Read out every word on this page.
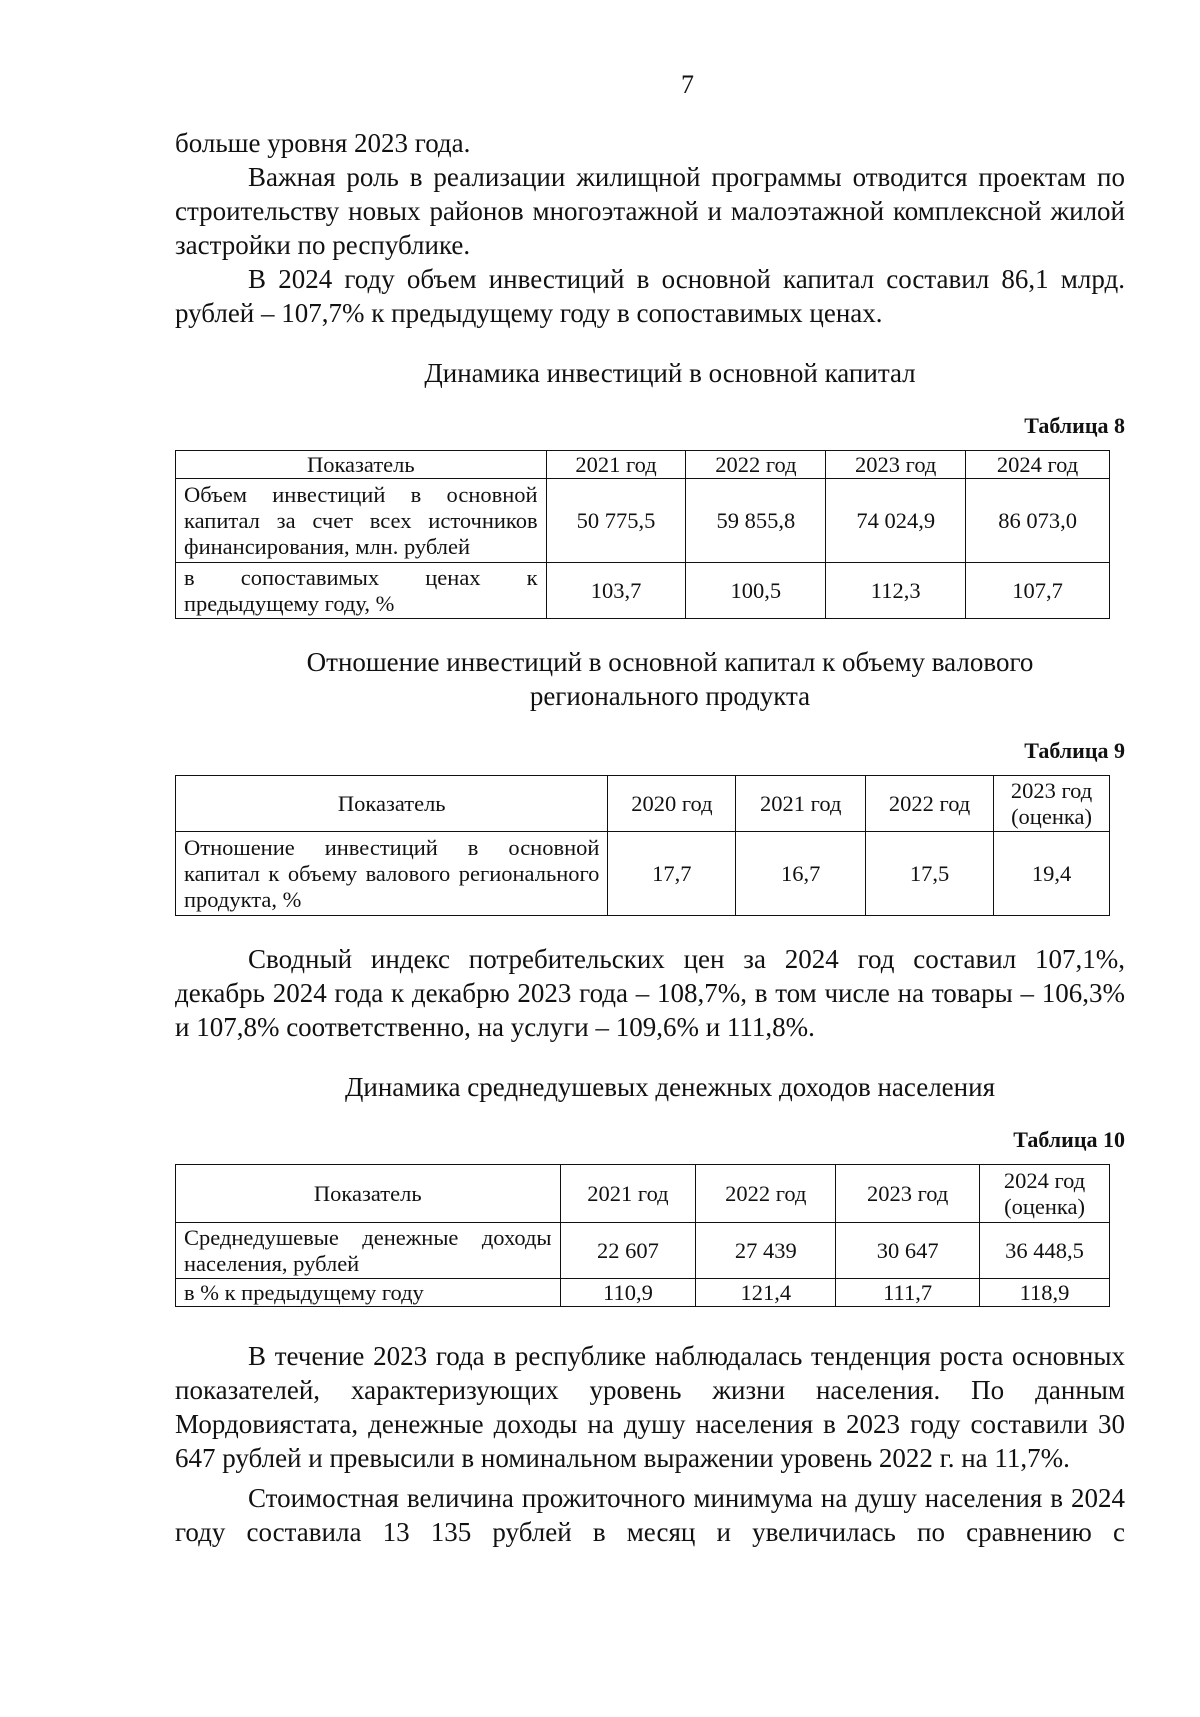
7

больше уровня 2023 года.

Важная роль в реализации жилищной программы отводится проектам по строительству новых районов многоэтажной и малоэтажной комплексной жилой застройки по республике.

В 2024 году объем инвестиций в основной капитал составил 86,1 млрд. рублей – 107,7% к предыдущему году в сопоставимых ценах.

Динамика инвестиций в основной капитал
Таблица 8
Показатель	2021 год	2022 год	2023 год	2024 год
Объем инвестиций в основной капитал за счет всех источников финансирования, млн. рублей	50 775,5	59 855,8	74 024,9	86 073,0
в сопоставимых ценах к предыдущему году, %	103,7	100,5	112,3	107,7
Отношение инвестиций в основной капитал к объему валового
регионального продукта
Таблица 9
Показатель	2020 год	2021 год	2022 год	2023 год
(оценка)

Отношение инвестиций в основной капитал к объему валового регионального продукта, %	17,7	16,7	17,5	19,4

Сводный индекс потребительских цен за 2024 год составил 107,1%, декабрь 2024 года к декабрю 2023 года – 108,7%, в том числе на товары – 106,3% и 107,8% соответственно, на услуги – 109,6% и 111,8%.

Динамика среднедушевых денежных доходов населения
Таблица 10
Показатель	2021 год	2022 год	2023 год	2024 год
(оценка)

Среднедушевые денежные доходы населения, рублей	22 607	27 439	30 647	36 448,5
в % к предыдущему году	110,9	121,4	111,7	118,9

В течение 2023 года в республике наблюдалась тенденция роста основных показателей, характеризующих уровень жизни населения. По данным Мордовиястата, денежные доходы на душу населения в 2023 году составили 30 647 рублей и превысили в номинальном выражении уровень 2022 г. на 11,7%.

Стоимостная величина прожиточного минимума на душу населения в 2024 году составила 13 135 рублей в месяц и увеличилась по сравнению с
